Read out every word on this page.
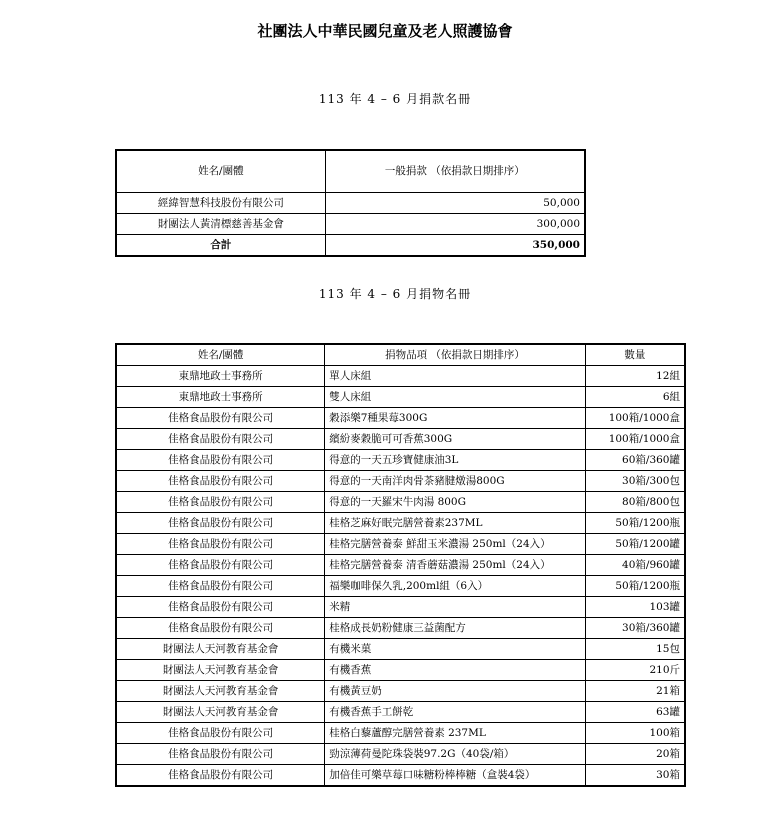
社團法人中華民國兒童及老人照護協會
113 年 4 – 6 月捐款名冊
姓名/團體	一般捐款 （依捐款日期排序）
經緯智慧科技股份有限公司	50,000
財團法人黃清標慈善基金會	300,000
合計	350,000
113 年 4 – 6 月捐物名冊
姓名/團體	捐物品項 （依捐款日期排序）	數量
東鼎地政士事務所	單人床組	12組
東鼎地政士事務所	雙人床組	6組
佳格食品股份有限公司	穀添樂7種果莓300G	100箱/1000盒
佳格食品股份有限公司	繽紛麥穀脆可可香蕉300G	100箱/1000盒
佳格食品股份有限公司	得意的一天五珍寶健康油3L	60箱/360罐
佳格食品股份有限公司	得意的一天南洋肉骨茶豬腱燉湯800G	30箱/300包
佳格食品股份有限公司	得意的一天羅宋牛肉湯 800G	80箱/800包
佳格食品股份有限公司	桂格芝麻好眠完膳營養素237ML	50箱/1200瓶
佳格食品股份有限公司	桂格完膳營養泰 鮮甜玉米濃湯 250ml（24入）	50箱/1200罐
佳格食品股份有限公司	桂格完膳營養泰 清香蘑菇濃湯 250ml（24入）	40箱/960罐
佳格食品股份有限公司	福樂咖啡保久乳,200ml組（6入）	50箱/1200瓶
佳格食品股份有限公司	米精	103罐
佳格食品股份有限公司	桂格成長奶粉健康三益菌配方	30箱/360罐
財團法人天河教育基金會	有機米菓	15包
財團法人天河教育基金會	有機香蕉	210斤
財團法人天河教育基金會	有機黃豆奶	21箱
財團法人天河教育基金會	有機香蕉手工餅乾	63罐
佳格食品股份有限公司	桂格白藜蘆醇完膳營養素 237ML	100箱
佳格食品股份有限公司	勁涼薄荷曼陀珠袋裝97.2G（40袋/箱）	20箱
佳格食品股份有限公司	加倍佳可樂草莓口味糖粉棒棒糖（盒裝4袋）	30箱
